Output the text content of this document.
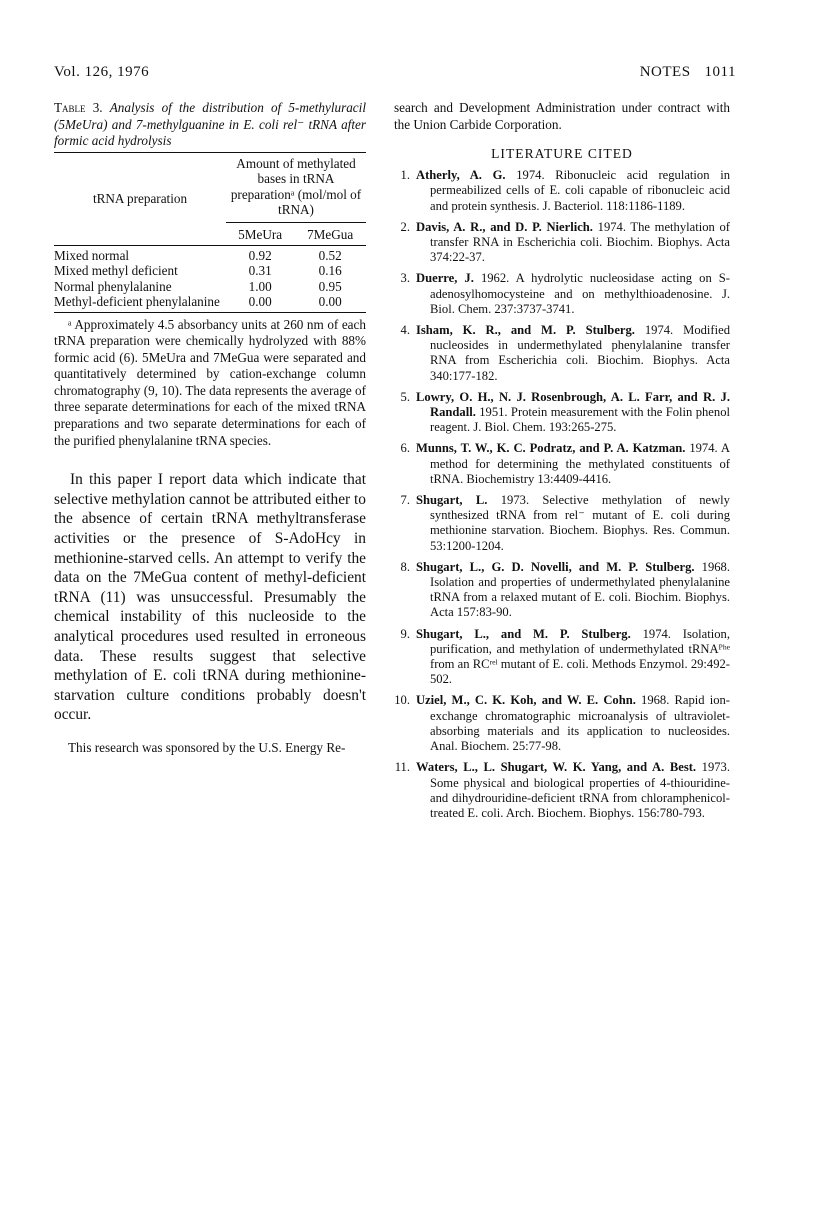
Vol. 126, 1976	NOTES 1011

Table 3. Analysis of the distribution of 5-methyluracil (5MeUra) and 7-methylguanine in E. coli rel⁻ tRNA after formic acid hydrolysis

tRNA preparation	Amount of methylated bases in tRNA preparationᵃ (mol/mol of tRNA)	
	5MeUra	7MeGua
Mixed normal	0.92	0.52
Mixed methyl deficient	0.31	0.16
Normal phenylalanine	1.00	0.95
Methyl-deficient phenylalanine	0.00	0.00

ᵃ Approximately 4.5 absorbancy units at 260 nm of each tRNA preparation were chemically hydrolyzed with 88% formic acid (6). 5MeUra and 7MeGua were separated and quantitatively determined by cation-exchange column chromatography (9, 10). The data represents the average of three separate determinations for each of the mixed tRNA preparations and two separate determinations for each of the purified phenylalanine tRNA species.

In this paper I report data which indicate that selective methylation cannot be attributed either to the absence of certain tRNA methyltransferase activities or the presence of S-AdoHcy in methionine-starved cells. An attempt to verify the data on the 7MeGua content of methyl-deficient tRNA (11) was unsuccessful. Presumably the chemical instability of this nucleoside to the analytical procedures used resulted in erroneous data. These results suggest that selective methylation of E. coli tRNA during methionine-starvation culture conditions probably doesn't occur.

This research was sponsored by the U.S. Energy Re-

search and Development Administration under contract with the Union Carbide Corporation.

LITERATURE CITED
1. Atherly, A. G. 1974. Ribonucleic acid regulation in permeabilized cells of E. coli capable of ribonucleic acid and protein synthesis. J. Bacteriol. 118:1186-1189.
2. Davis, A. R., and D. P. Nierlich. 1974. The methylation of transfer RNA in Escherichia coli. Biochim. Biophys. Acta 374:22-37.
3. Duerre, J. 1962. A hydrolytic nucleosidase acting on S-adenosylhomocysteine and on methylthioadenosine. J. Biol. Chem. 237:3737-3741.
4. Isham, K. R., and M. P. Stulberg. 1974. Modified nucleosides in undermethylated phenylalanine transfer RNA from Escherichia coli. Biochim. Biophys. Acta 340:177-182.
5. Lowry, O. H., N. J. Rosenbrough, A. L. Farr, and R. J. Randall. 1951. Protein measurement with the Folin phenol reagent. J. Biol. Chem. 193:265-275.
6. Munns, T. W., K. C. Podratz, and P. A. Katzman. 1974. A method for determining the methylated constituents of tRNA. Biochemistry 13:4409-4416.
7. Shugart, L. 1973. Selective methylation of newly synthesized tRNA from rel⁻ mutant of E. coli during methionine starvation. Biochem. Biophys. Res. Commun. 53:1200-1204.
8. Shugart, L., G. D. Novelli, and M. P. Stulberg. 1968. Isolation and properties of undermethylated phenylalanine tRNA from a relaxed mutant of E. coli. Biochim. Biophys. Acta 157:83-90.
9. Shugart, L., and M. P. Stulberg. 1974. Isolation, purification, and methylation of undermethylated tRNAᴾʰᵉ from an RCʳᵉˡ mutant of E. coli. Methods Enzymol. 29:492-502.
10. Uziel, M., C. K. Koh, and W. E. Cohn. 1968. Rapid ion-exchange chromatographic microanalysis of ultraviolet-absorbing materials and its application to nucleosides. Anal. Biochem. 25:77-98.
11. Waters, L., L. Shugart, W. K. Yang, and A. Best. 1973. Some physical and biological properties of 4-thiouridine- and dihydrouridine-deficient tRNA from chloramphenicol-treated E. coli. Arch. Biochem. Biophys. 156:780-793.
